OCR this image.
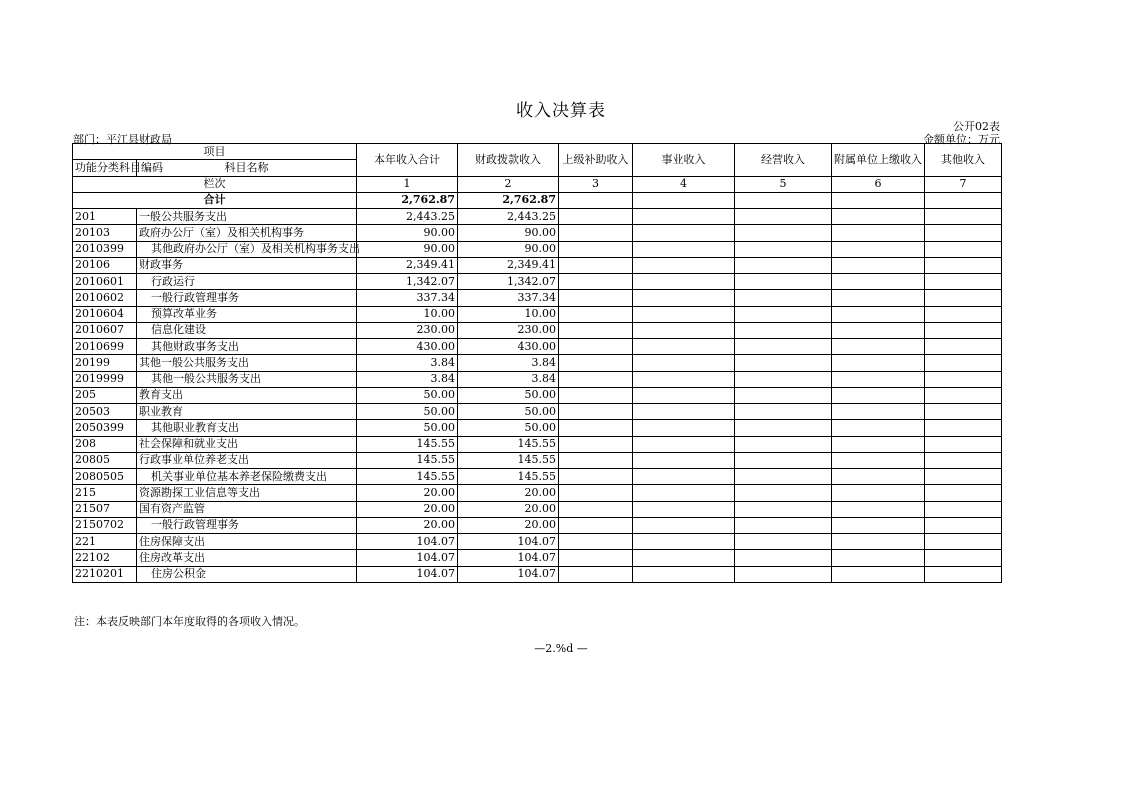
收入决算表
公开02表
部门：平江县财政局	金额单位：万元
项目		本年收入合计	财政拨款收入	上级补助收入	事业收入	经营收入	附属单位上缴收入	其他收入
功能分类科目编码	科目名称							
栏次		1	2	3	4	5	6	7
合计		2,762.87	2,762.87					
201	一般公共服务支出	2,443.25	2,443.25					
20103	政府办公厅（室）及相关机构事务	90.00	90.00					
2010399	其他政府办公厅（室）及相关机构事务支出	90.00	90.00					
20106	财政事务	2,349.41	2,349.41					
2010601	行政运行	1,342.07	1,342.07					
2010602	一般行政管理事务	337.34	337.34					
2010604	预算改革业务	10.00	10.00					
2010607	信息化建设	230.00	230.00					
2010699	其他财政事务支出	430.00	430.00					
20199	其他一般公共服务支出	3.84	3.84					
2019999	其他一般公共服务支出	3.84	3.84					
205	教育支出	50.00	50.00					
20503	职业教育	50.00	50.00					
2050399	其他职业教育支出	50.00	50.00					
208	社会保障和就业支出	145.55	145.55					
20805	行政事业单位养老支出	145.55	145.55					
2080505	机关事业单位基本养老保险缴费支出	145.55	145.55					
215	资源勘探工业信息等支出	20.00	20.00					
21507	国有资产监管	20.00	20.00					
2150702	一般行政管理事务	20.00	20.00					
221	住房保障支出	104.07	104.07					
22102	住房改革支出	104.07	104.07					
2210201	住房公积金	104.07	104.07					
注：本表反映部门本年度取得的各项收入情况。
—2.%d —
